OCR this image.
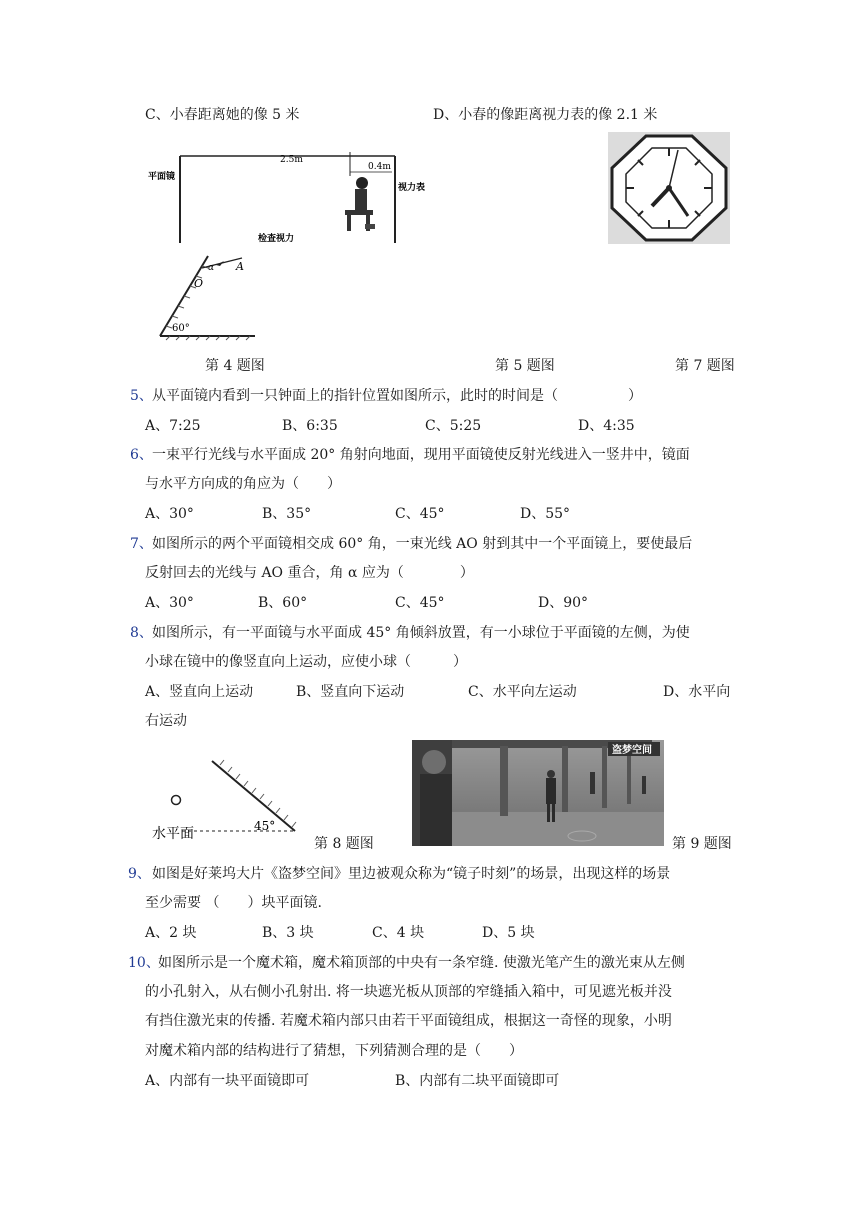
C、小春距离她的像 5 米	D、小春的像距离视力表的像 2.1 米
平面镜
视力表
2.5m
0.4m
检查视力
A
O
α
60°
第 4 题图	第 5 题图	第 7 题图
5、 从平面镜内看到一只钟面上的指针位置如图所示，此时的时间是（　　　　　）
A、7:25	B、6:35	C、5:25	D、4:35
6、 一束平行光线与水平面成 20° 角射向地面，现用平面镜使反射光线进入一竖井中，镜面
与水平方向成的角应为（　　）
A、30°	B、35°	C、45°	D、55°
7、 如图所示的两个平面镜相交成 60° 角，一束光线 AO 射到其中一个平面镜上，要使最后
反射回去的光线与 AO 重合，角 α 应为（　　　　）
A、30°	B、60°	C、45°	D、90°
8、 如图所示，有一平面镜与水平面成 45° 角倾斜放置，有一小球位于平面镜的左侧，为使
小球在镜中的像竖直向上运动，应使小球（　　　）
A、竖直向上运动	B、竖直向下运动	C、水平向左运动	D、水平向
右运动
水平面	45°
第 8 题图
盗梦空间
第 9 题图
9、 如图是好莱坞大片《盗梦空间》里边被观众称为“镜子时刻”的场景，出现这样的场景
至少需要 （　　）块平面镜.
A、2 块	B、3 块	C、4 块	D、5 块
10、
如图所示是一个魔术箱，魔术箱顶部的中央有一条窄缝. 使激光笔产生的激光束从左侧
的小孔射入，从右侧小孔射出. 将一块遮光板从顶部的窄缝插入箱中，可见遮光板并没
有挡住激光束的传播. 若魔术箱内部只由若干平面镜组成，根据这一奇怪的现象，小明
对魔术箱内部的结构进行了猜想，下列猜测合理的是（　　）
A、内部有一块平面镜即可	B、内部有二块平面镜即可
